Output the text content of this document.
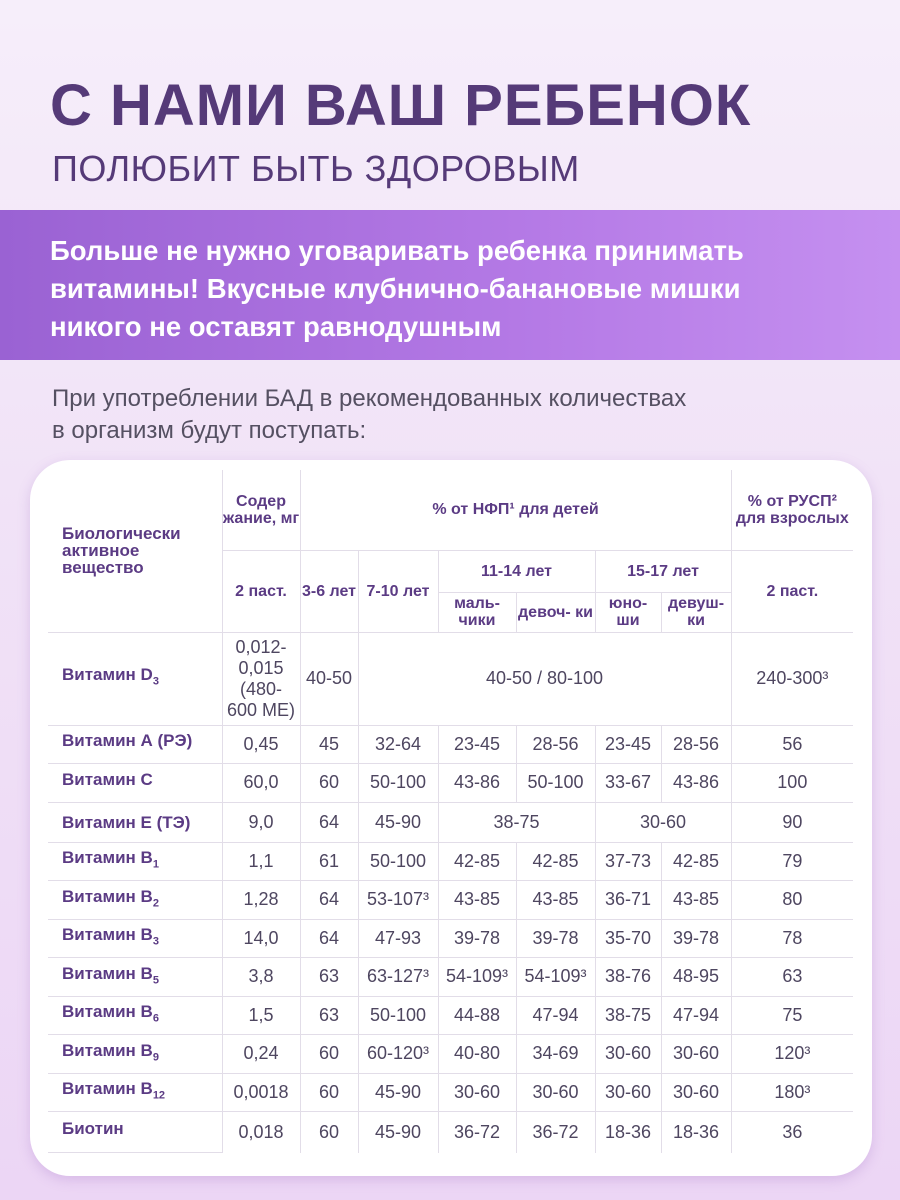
С НАМИ ВАШ РЕБЕНОК
ПОЛЮБИТ БЫТЬ ЗДОРОВЫМ
Больше не нужно уговаривать ребенка принимать
витамины! Вкусные клубнично-банановые мишки
никого не оставят равнодушным
При употреблении БАД в рекомендованных количествах
в организм будут поступать:
Биологически активное вещество	Содер жание, мг	% от НФП¹ для детей						% от РУСП² для взрослых
	2 паст.	3-6 лет	7-10 лет	11-14 лет		15-17 лет		2 паст.
				маль- чики	девоч- ки	юно- ши	девуш- ки	
Витамин $D_3$	0,012- 0,015 (480- 600 МЕ)	40-50	40-50 / 80-100					240-300³
Витамин А (РЭ)	0,45	45	32-64	23-45	28-56	23-45	28-56	56
Витамин С	60,0	60	50-100	43-86	50-100	33-67	43-86	100
Витамин Е (ТЭ)	9,0	64	45-90	38-75		30-60		90
Витамин $В_1$	1,1	61	50-100	42-85	42-85	37-73	42-85	79
Витамин $В_2$	1,28	64	53-107³	43-85	43-85	36-71	43-85	80
Витамин $В_3$	14,0	64	47-93	39-78	39-78	35-70	39-78	78
Витамин $В_5$	3,8	63	63-127³	54-109³	54-109³	38-76	48-95	63
Витамин $В_6$	1,5	63	50-100	44-88	47-94	38-75	47-94	75
Витамин $В_9$	0,24	60	60-120³	40-80	34-69	30-60	30-60	120³
Витамин $В_{12}$	0,0018	60	45-90	30-60	30-60	30-60	30-60	180³
Биотин	0,018	60	45-90	36-72	36-72	18-36	18-36	36
